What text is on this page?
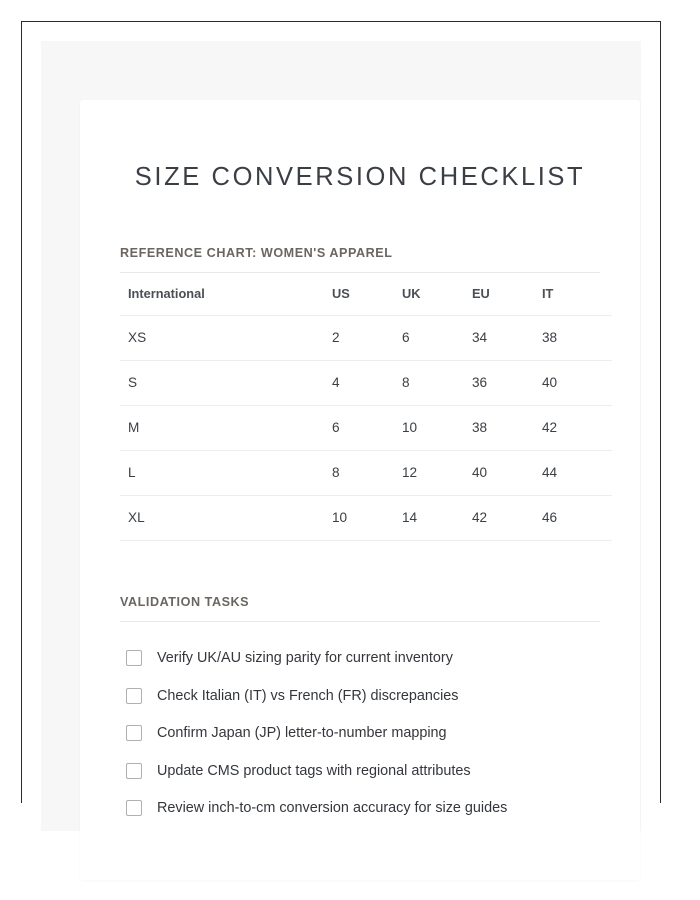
SIZE CONVERSION CHECKLIST
REFERENCE CHART: WOMEN'S APPAREL
International	US	UK	EU	IT
XS	2	6	34	38
S	4	8	36	40
M	6	10	38	42
L	8	12	40	44
XL	10	14	42	46
VALIDATION TASKS
Verify UK/AU sizing parity for current inventory
Check Italian (IT) vs French (FR) discrepancies
Confirm Japan (JP) letter-to-number mapping
Update CMS product tags with regional attributes
Review inch-to-cm conversion accuracy for size guides
